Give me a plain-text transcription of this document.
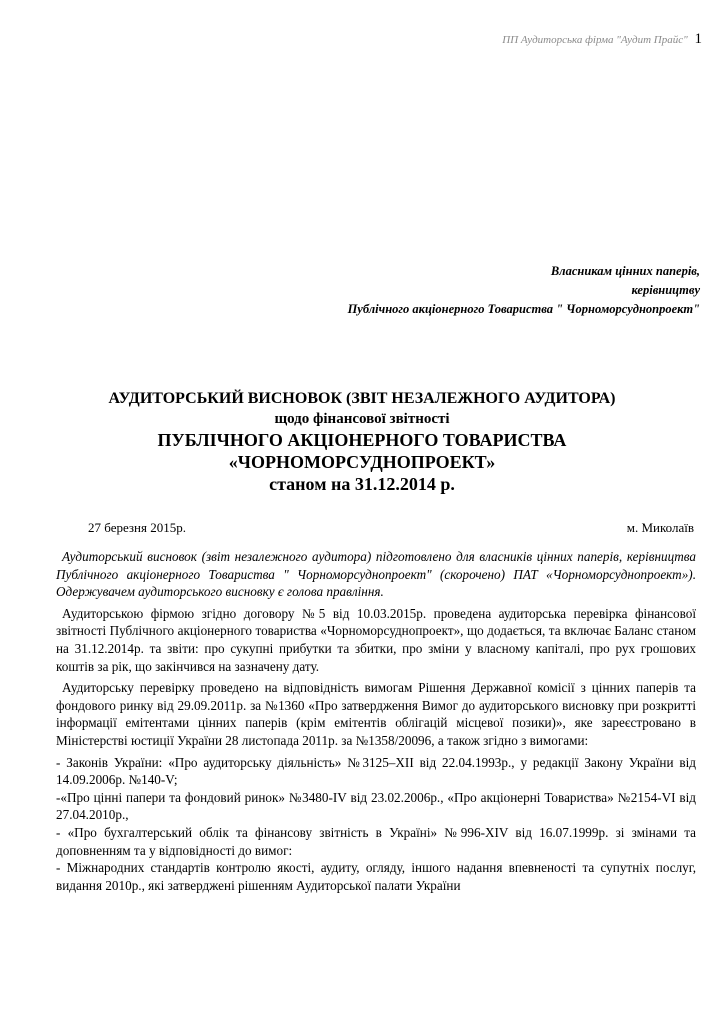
ПП Аудиторська фірма "Аудит Прайс" 1
Власникам цінних паперів,
керівництву
Публічного акціонерного Товариства " Чорноморсуднопроект"
АУДИТОРСЬКИЙ ВИСНОВОК (ЗВІТ НЕЗАЛЕЖНОГО АУДИТОРА)
щодо фінансової звітності
ПУБЛІЧНОГО АКЦІОНЕРНОГО ТОВАРИСТВА
«ЧОРНОМОРСУДНОПРОЕКТ»
станом на 31.12.2014 р.
27 березня 2015р.	м. Миколаїв

Аудиторський висновок (звіт незалежного аудитора) підготовлено для власників цінних паперів, керівництва Публічного акціонерного Товариства " Чорноморсуднопроект" (скорочено) ПАТ «Чорноморсуднопроект»). Одержувачем аудиторського висновку є голова правління.

Аудиторською фірмою згідно договору №5 від 10.03.2015р. проведена аудиторська перевірка фінансової звітності Публічного акціонерного товариства «Чорноморсуднопроект», що додається, та включає Баланс станом на 31.12.2014р. та звіти: про сукупні прибутки та збитки, про зміни у власному капіталі, про рух грошових коштів за рік, що закінчився на зазначену дату.

Аудиторську перевірку проведено на відповідність вимогам Рішення Державної комісії з цінних паперів та фондового ринку від 29.09.2011р. за №1360 «Про затвердження Вимог до аудиторського висновку при розкритті інформації емітентами цінних паперів (крім емітентів облігацій місцевої позики)», яке зареєстровано в Міністерстві юстиції України 28 листопада 2011р. за №1358/20096, а також згідно з вимогами:

- Законів України: «Про аудиторську діяльність» №3125–XII від 22.04.1993р., у редакції Закону України від 14.09.2006р. №140-V;

-«Про цінні папери та фондовий ринок» №3480-IV від 23.02.2006р., «Про акціонерні Товариства» №2154-VI від 27.04.2010р.,

- «Про бухгалтерський облік та фінансову звітність в Україні» №996-XIV від 16.07.1999р. зі змінами та доповненням та у відповідності до вимог:

- Міжнародних стандартів контролю якості, аудиту, огляду, іншого надання впевненості та супутніх послуг, видання 2010р., які затверджені рішенням Аудиторської палати України
